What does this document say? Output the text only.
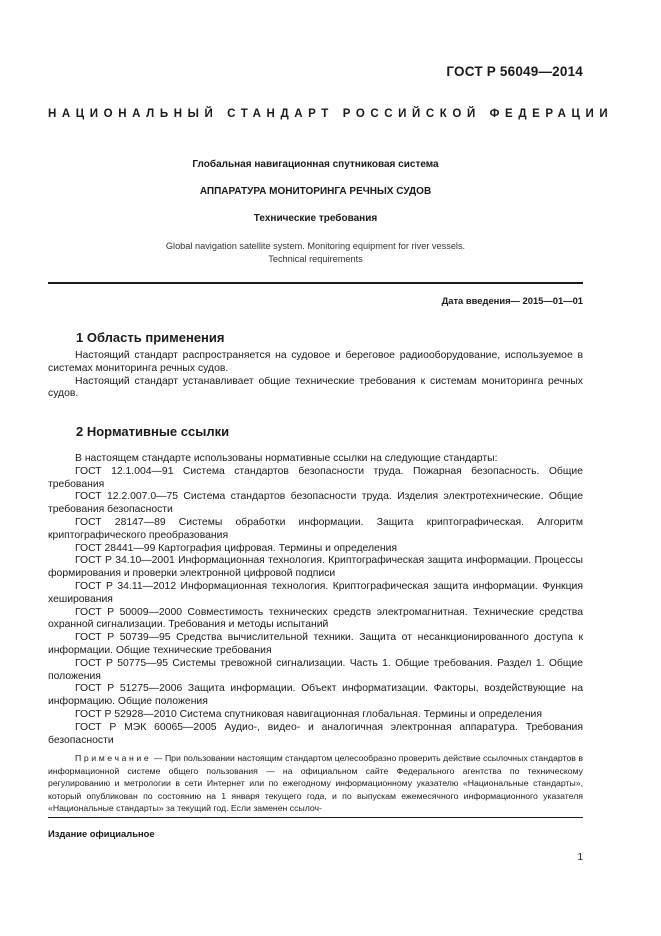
ГОСТ Р 56049—2014
НАЦИОНАЛЬНЫЙ СТАНДАРТ РОССИЙСКОЙ ФЕДЕРАЦИИ
Глобальная навигационная спутниковая система
АППАРАТУРА МОНИТОРИНГА РЕЧНЫХ СУДОВ
Технические требования
Global navigation satellite system. Monitoring equipment for river vessels.
Technical requirements
Дата введения— 2015—01—01
1 Область применения

Настоящий стандарт распространяется на судовое и береговое радиооборудование, используемое в системах мониторинга речных судов.

Настоящий стандарт устанавливает общие технические требования к системам мониторинга речных судов.

2 Нормативные ссылки

В настоящем стандарте использованы нормативные ссылки на следующие стандарты:

ГОСТ 12.1.004—91 Система стандартов безопасности труда. Пожарная безопасность. Общие требования

ГОСТ 12.2.007.0—75 Система стандартов безопасности труда. Изделия электротехнические. Общие требования безопасности

ГОСТ 28147—89 Системы обработки информации. Защита криптографическая. Алгоритм криптографического преобразования

ГОСТ 28441—99 Картография цифровая. Термины и определения

ГОСТ Р 34.10—2001 Информационная технология. Криптографическая защита информации. Процессы формирования и проверки электронной цифровой подписи

ГОСТ Р 34.11—2012 Информационная технология. Криптографическая защита информации. Функция хеширования

ГОСТ Р 50009—2000 Совместимость технических средств электромагнитная. Технические средства охранной сигнализации. Требования и методы испытаний

ГОСТ Р 50739—95 Средства вычислительной техники. Защита от несанкционированного доступа к информации. Общие технические требования

ГОСТ Р 50775—95 Системы тревожной сигнализации. Часть 1. Общие требования. Раздел 1. Общие положения

ГОСТ Р 51275—2006 Защита информации. Объект информатизации. Факторы, воздействующие на информацию. Общие положения

ГОСТ Р 52928—2010 Система спутниковая навигационная глобальная. Термины и определения

ГОСТ Р МЭК 60065—2005 Аудио-, видео- и аналогичная электронная аппаратура. Требования безопасности

Примечание — При пользовании настоящим стандартом целесообразно проверить действие ссылочных стандартов в информационной системе общего пользования — на официальном сайте Федерального агентства по техническому регулированию и метрологии в сети Интернет или по ежегодному информационному указателю «Национальные стандарты», который опубликован по состоянию на 1 января текущего года, и по выпускам ежемесячного информационного указателя «Национальные стандарты» за текущий год. Если заменен ссылоч-

Издание официальное
1
